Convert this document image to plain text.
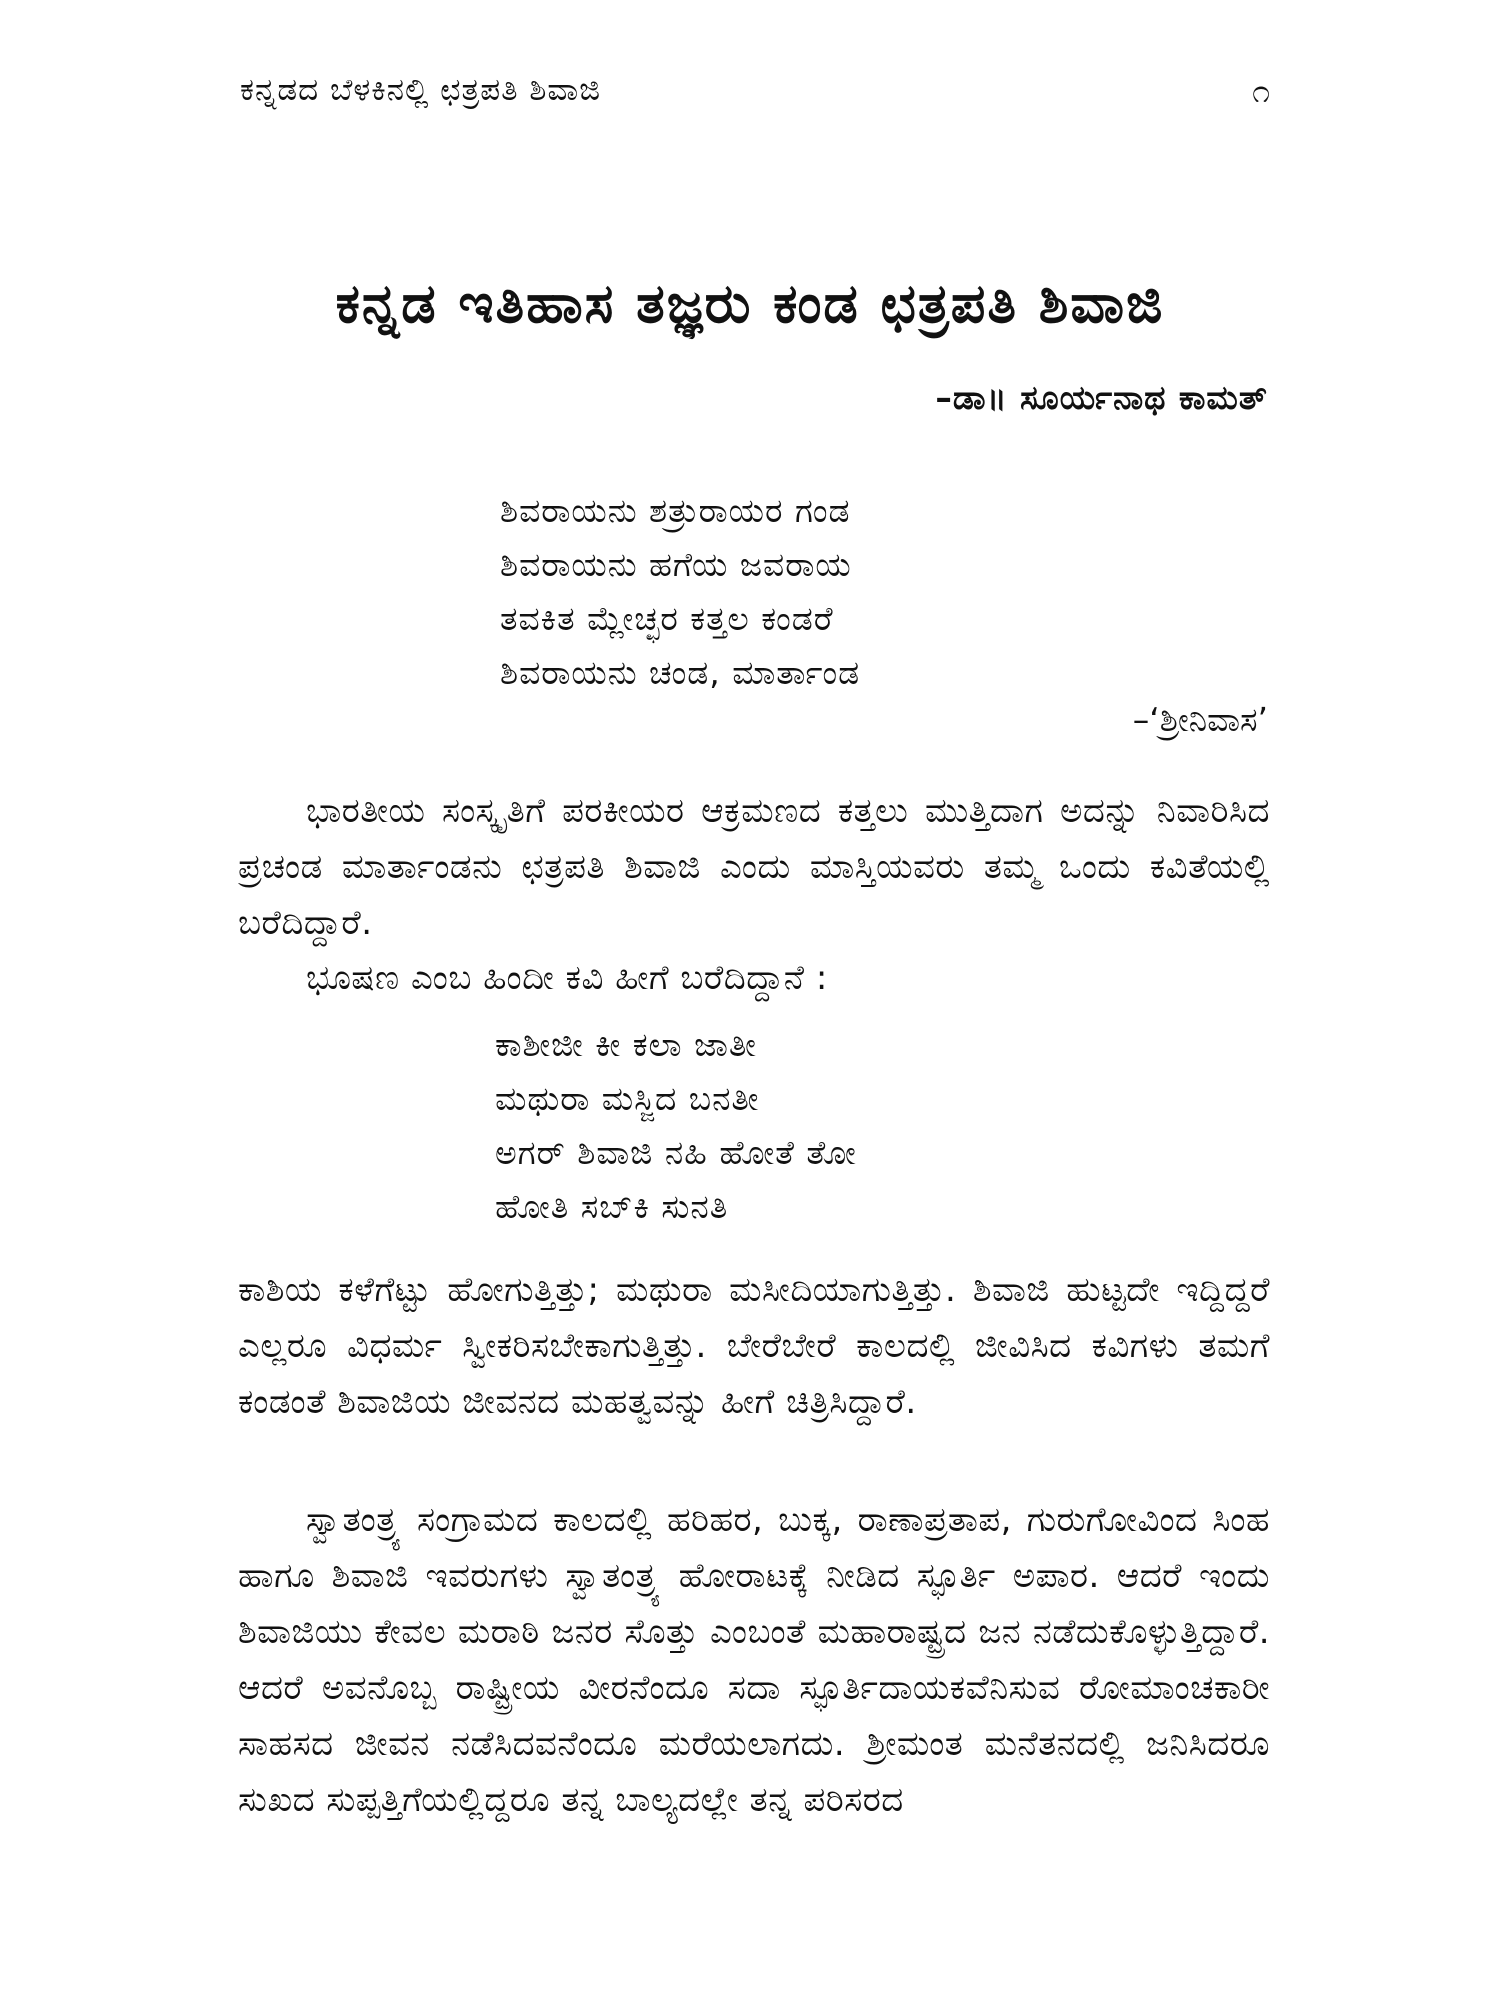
ಕನ್ನಡದ ಬೆಳಕಿನಲ್ಲಿ ಛತ್ರಪತಿ ಶಿವಾಜಿ	೧
ಕನ್ನಡ ಇತಿಹಾಸ ತಜ್ಞರು ಕಂಡ ಛತ್ರಪತಿ ಶಿವಾಜಿ
–ಡಾ॥ ಸೂರ್ಯನಾಥ ಕಾಮತ್
ಶಿವರಾಯನು ಶತ್ರುರಾಯರ ಗಂಡ
ಶಿವರಾಯನು ಹಗೆಯ ಜವರಾಯ
ತವಕಿತ ಮ್ಲೇಚ್ಛರ ಕತ್ತಲ ಕಂಡರೆ
ಶಿವರಾಯನು ಚಂಡ, ಮಾರ್ತಾಂಡ
–‘ಶ್ರೀನಿವಾಸ’

ಭಾರತೀಯ ಸಂಸ್ಕೃತಿಗೆ ಪರಕೀಯರ ಆಕ್ರಮಣದ ಕತ್ತಲು ಮುತ್ತಿದಾಗ ಅದನ್ನು ನಿವಾರಿಸಿದ ಪ್ರಚಂಡ ಮಾರ್ತಾಂಡನು ಛತ್ರಪತಿ ಶಿವಾಜಿ ಎಂದು ಮಾಸ್ತಿಯವರು ತಮ್ಮ ಒಂದು ಕವಿತೆಯಲ್ಲಿ ಬರೆದಿದ್ದಾರೆ.

ಭೂಷಣ ಎಂಬ ಹಿಂದೀ ಕವಿ ಹೀಗೆ ಬರೆದಿದ್ದಾನೆ :

ಕಾಶೀಜೀ ಕೀ ಕಲಾ ಜಾತೀ
ಮಥುರಾ ಮಸ್ಜಿದ ಬನತೀ
ಅಗರ್ ಶಿವಾಜಿ ನಹಿ ಹೋತೆ ತೋ
ಹೋತಿ ಸಬ್‌ಕಿ ಸುನತಿ

ಕಾಶಿಯ ಕಳೆಗೆಟ್ಟು ಹೋಗುತ್ತಿತ್ತು; ಮಥುರಾ ಮಸೀದಿಯಾಗುತ್ತಿತ್ತು. ಶಿವಾಜಿ ಹುಟ್ಟದೇ ಇದ್ದಿದ್ದರೆ ಎಲ್ಲರೂ ವಿಧರ್ಮ ಸ್ವೀಕರಿಸಬೇಕಾಗುತ್ತಿತ್ತು. ಬೇರೆಬೇರೆ ಕಾಲದಲ್ಲಿ ಜೀವಿಸಿದ ಕವಿಗಳು ತಮಗೆ ಕಂಡಂತೆ ಶಿವಾಜಿಯ ಜೀವನದ ಮಹತ್ವವನ್ನು ಹೀಗೆ ಚಿತ್ರಿಸಿದ್ದಾರೆ.

ಸ್ವಾತಂತ್ರ್ಯ ಸಂಗ್ರಾಮದ ಕಾಲದಲ್ಲಿ ಹರಿಹರ, ಬುಕ್ಕ, ರಾಣಾಪ್ರತಾಪ, ಗುರುಗೋವಿಂದ ಸಿಂಹ ಹಾಗೂ ಶಿವಾಜಿ ಇವರುಗಳು ಸ್ವಾತಂತ್ರ್ಯ ಹೋರಾಟಕ್ಕೆ ನೀಡಿದ ಸ್ಫೂರ್ತಿ ಅಪಾರ. ಆದರೆ ಇಂದು ಶಿವಾಜಿಯು ಕೇವಲ ಮರಾಠಿ ಜನರ ಸೊತ್ತು ಎಂಬಂತೆ ಮಹಾರಾಷ್ಟ್ರದ ಜನ ನಡೆದುಕೊಳ್ಳುತ್ತಿದ್ದಾರೆ. ಆದರೆ ಅವನೊಬ್ಬ ರಾಷ್ಟ್ರೀಯ ವೀರನೆಂದೂ ಸದಾ ಸ್ಫೂರ್ತಿದಾಯಕವೆನಿಸುವ ರೋಮಾಂಚಕಾರೀ ಸಾಹಸದ ಜೀವನ ನಡೆಸಿದವನೆಂದೂ ಮರೆಯಲಾಗದು. ಶ್ರೀಮಂತ ಮನೆತನದಲ್ಲಿ ಜನಿಸಿದರೂ ಸುಖದ ಸುಪ್ಪತ್ತಿಗೆಯಲ್ಲಿದ್ದರೂ ತನ್ನ ಬಾಲ್ಯದಲ್ಲೇ ತನ್ನ ಪರಿಸರದ
